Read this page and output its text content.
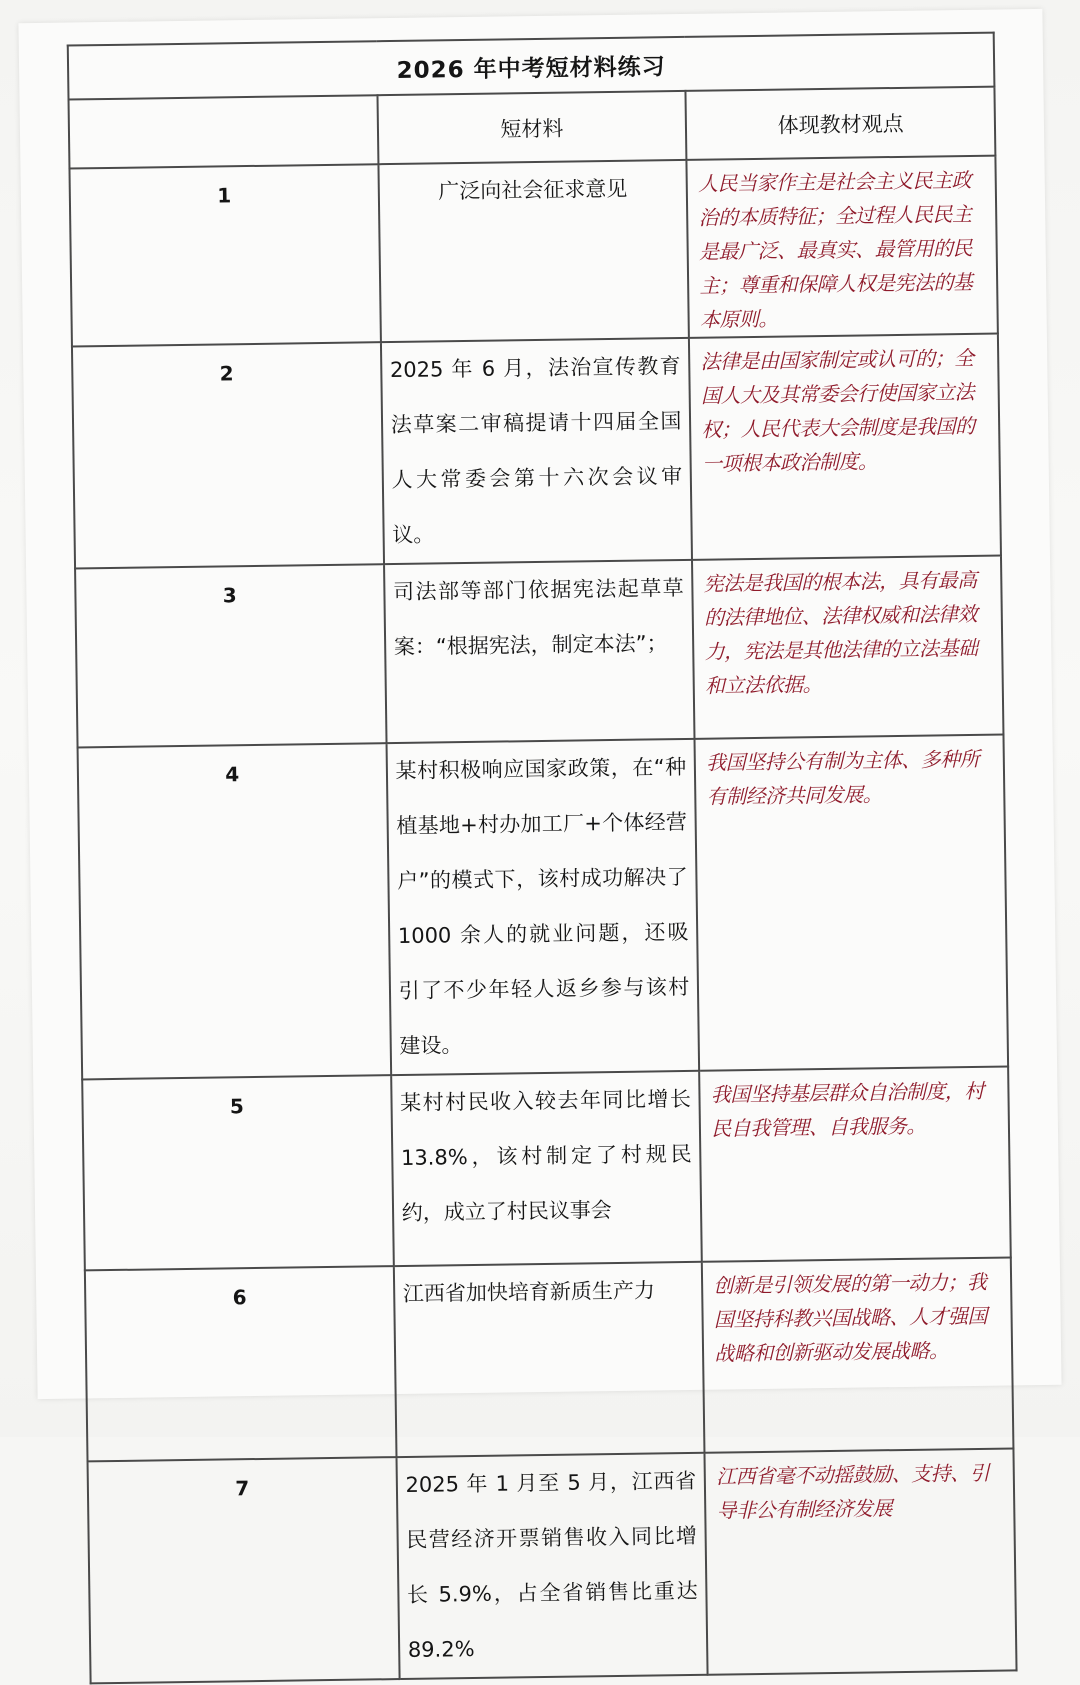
2026 年中考短材料练习		
	短材料	体现教材观点
1	广泛向社会征求意见	人民当家作主是社会主义民主政治的本质特征；全过程人民民主是最广泛、最真实、最管用的民主；尊重和保障人权是宪法的基本原则。
2	2025 年 6 月，法治宣传教育法草案二审稿提请十四届全国人大常委会第十六次会议审议。	法律是由国家制定或认可的；全国人大及其常委会行使国家立法权；人民代表大会制度是我国的一项根本政治制度。
3	司法部等部门依据宪法起草草案：“根据宪法，制定本法”；	宪法是我国的根本法，具有最高的法律地位、法律权威和法律效力，宪法是其他法律的立法基础和立法依据。
4	某村积极响应国家政策，在“种植基地+村办加工厂+个体经营户”的模式下，该村成功解决了 1000 余人的就业问题，还吸引了不少年轻人返乡参与该村建设。	我国坚持公有制为主体、多种所有制经济共同发展。
5	某村村民收入较去年同比增长13.8%，该村制定了村规民约，成立了村民议事会	我国坚持基层群众自治制度，村民自我管理、自我服务。
6	江西省加快培育新质生产力	创新是引领发展的第一动力；我国坚持科教兴国战略、人才强国战略和创新驱动发展战略。
7	2025 年 1 月至 5 月，江西省民营经济开票销售收入同比增长 5.9%，占全省销售比重达 89.2%	江西省毫不动摇鼓励、支持、引导非公有制经济发展
